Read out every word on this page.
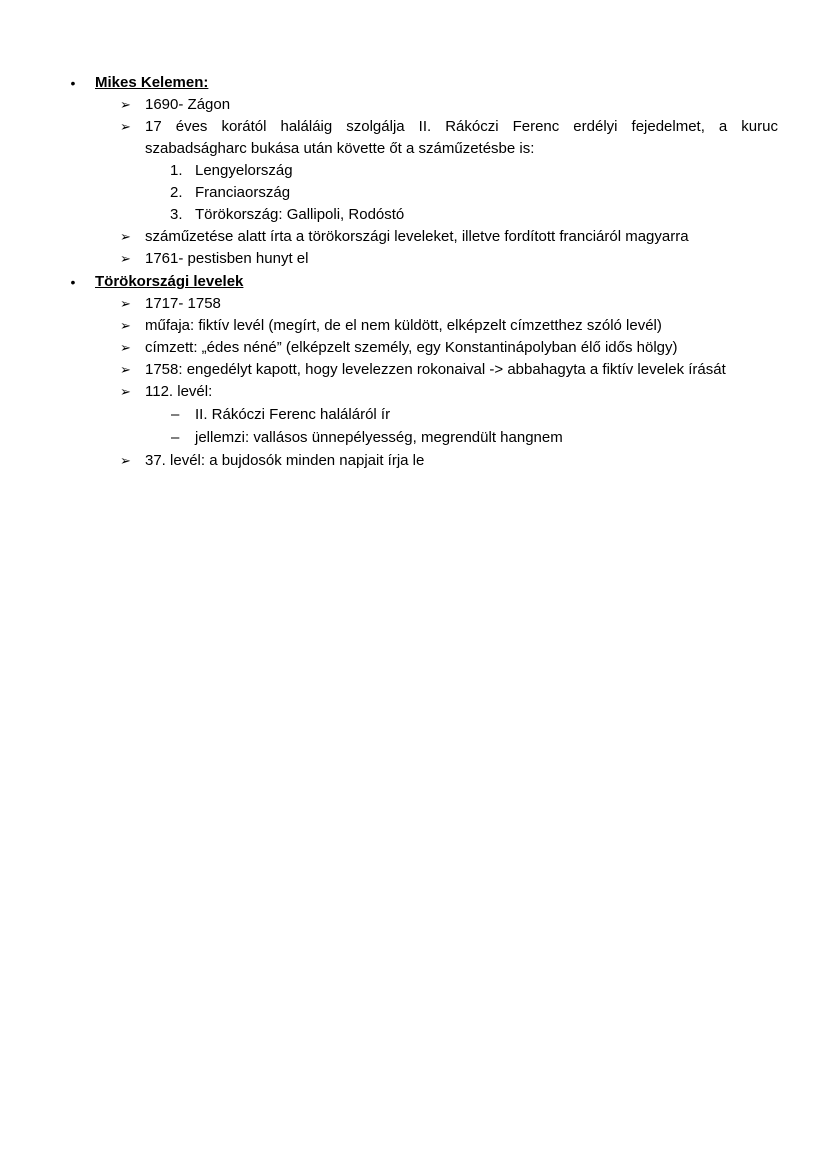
• Mikes Kelemen:
➢ 1690- Zágon
➢ 17 éves korától haláláig szolgálja II. Rákóczi Ferenc erdélyi fejedelmet, a kuruc
szabadságharc bukása után követte őt a száműzetésbe is:
1. Lengyelország
2. Franciaország
3. Törökország: Gallipoli, Rodóstó
➢ száműzetése alatt írta a törökországi leveleket, illetve fordított franciáról magyarra
➢ 1761- pestisben hunyt el
• Törökországi levelek
➢ 1717- 1758
➢ műfaja: fiktív levél (megírt, de el nem küldött, elképzelt címzetthez szóló levél)
➢ címzett: „édes néné” (elképzelt személy, egy Konstantinápolyban élő idős hölgy)
➢ 1758: engedélyt kapott, hogy levelezzen rokonaival -> abbahagyta a fiktív levelek írását
➢ 112. levél:
– II. Rákóczi Ferenc haláláról ír
– jellemzi: vallásos ünnepélyesség, megrendült hangnem
➢ 37. levél: a bujdosók minden napjait írja le
